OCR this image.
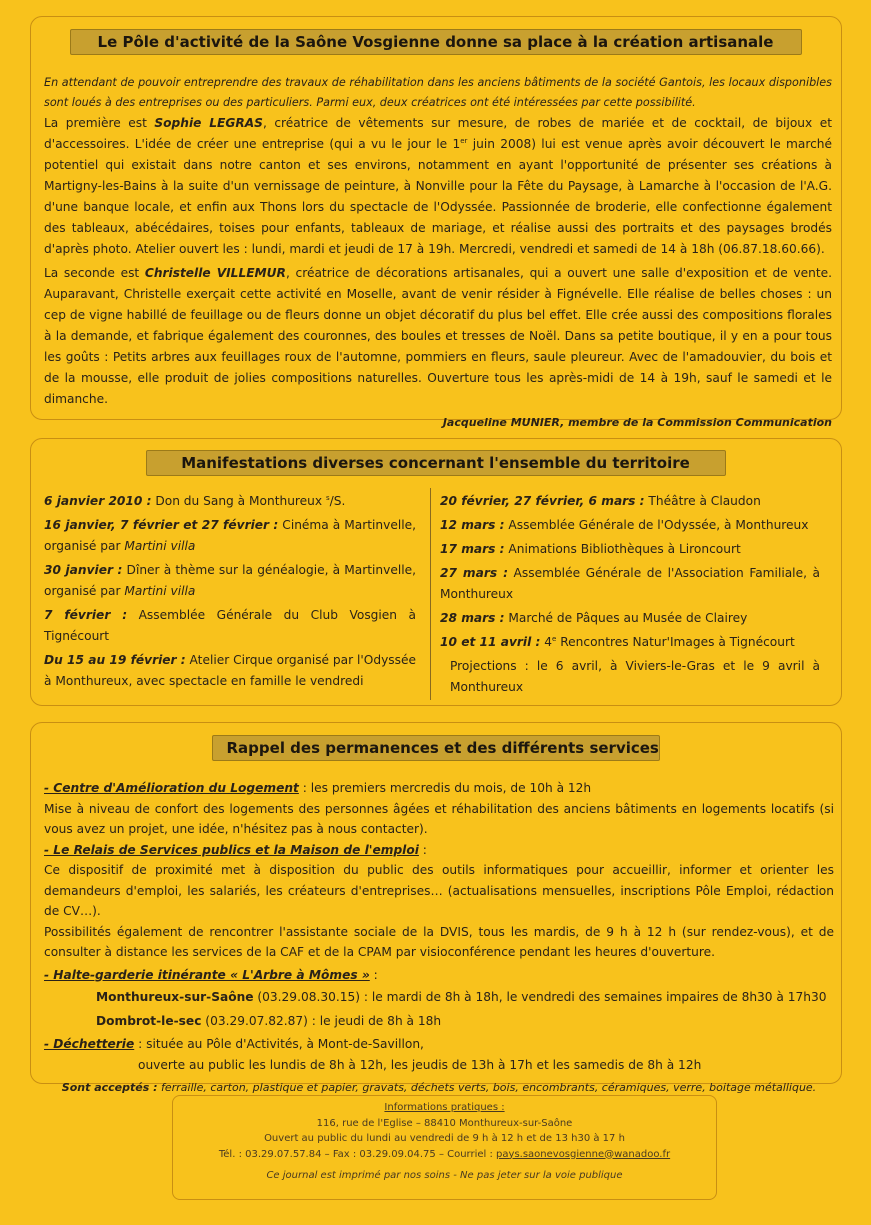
Le Pôle d'activité de la Saône Vosgienne donne sa place à la création artisanale
En attendant de pouvoir entreprendre des travaux de réhabilitation dans les anciens bâtiments de la société Gantois, les locaux disponibles sont loués à des entreprises ou des particuliers. Parmi eux, deux créatrices ont été intéressées par cette possibilité.

La première est Sophie LEGRAS, créatrice de vêtements sur mesure, de robes de mariée et de cocktail, de bijoux et d'accessoires. L'idée de créer une entreprise (qui a vu le jour le 1er juin 2008) lui est venue après avoir découvert le marché potentiel qui existait dans notre canton et ses environs, notamment en ayant l'opportunité de présenter ses créations à Martigny-les-Bains à la suite d'un vernissage de peinture, à Nonville pour la Fête du Paysage, à Lamarche à l'occasion de l'A.G. d'une banque locale, et enfin aux Thons lors du spectacle de l'Odyssée. Passionnée de broderie, elle confectionne également des tableaux, abécédaires, toises pour enfants, tableaux de mariage, et réalise aussi des portraits et des paysages brodés d'après photo. Atelier ouvert les : lundi, mardi et jeudi de 17 à 19h. Mercredi, vendredi et samedi de 14 à 18h (06.87.18.60.66).

La seconde est Christelle VILLEMUR, créatrice de décorations artisanales, qui a ouvert une salle d'exposition et de vente. Auparavant, Christelle exerçait cette activité en Moselle, avant de venir résider à Fignévelle. Elle réalise de belles choses : un cep de vigne habillé de feuillage ou de fleurs donne un objet décoratif du plus bel effet. Elle crée aussi des compositions florales à la demande, et fabrique également des couronnes, des boules et tresses de Noël. Dans sa petite boutique, il y en a pour tous les goûts : Petits arbres aux feuillages roux de l'automne, pommiers en fleurs, saule pleureur. Avec de l'amadouvier, du bois et de la mousse, elle produit de jolies compositions naturelles. Ouverture tous les après-midi de 14 à 19h, sauf le samedi et le dimanche.

Jacqueline MUNIER, membre de la Commission Communication
Manifestations diverses concernant l'ensemble du territoire

6 janvier 2010 : Don du Sang à Monthureux $^s$/S.

16 janvier, 7 février et 27 février : Cinéma à Martinvelle, organisé par Martini villa

30 janvier : Dîner à thème sur la généalogie, à Martinvelle, organisé par Martini villa

7 février : Assemblée Générale du Club Vosgien à Tignécourt

Du 15 au 19 février : Atelier Cirque organisé par l'Odyssée à Monthureux, avec spectacle en famille le vendredi

20 février, 27 février, 6 mars : Théâtre à Claudon

12 mars : Assemblée Générale de l'Odyssée, à Monthureux

17 mars : Animations Bibliothèques à Lironcourt

27 mars : Assemblée Générale de l'Association Familiale, à Monthureux

28 mars : Marché de Pâques au Musée de Clairey

10 et 11 avril : 4e Rencontres Natur'Images à Tignécourt

Projections : le 6 avril, à Viviers-le-Gras et le 9 avril à Monthureux

Rappel des permanences et des différents services

- Centre d'Amélioration du Logement : les premiers mercredis du mois, de 10h à 12h

Mise à niveau de confort des logements des personnes âgées et réhabilitation des anciens bâtiments en logements locatifs (si vous avez un projet, une idée, n'hésitez pas à nous contacter).

- Le Relais de Services publics et la Maison de l'emploi :

Ce dispositif de proximité met à disposition du public des outils informatiques pour accueillir, informer et orienter les demandeurs d'emploi, les salariés, les créateurs d'entreprises… (actualisations mensuelles, inscriptions Pôle Emploi, rédaction de CV…).

Possibilités également de rencontrer l'assistante sociale de la DVIS, tous les mardis, de 9 h à 12 h (sur rendez-vous), et de consulter à distance les services de la CAF et de la CPAM par visioconférence pendant les heures d'ouverture.

- Halte-garderie itinérante « L'Arbre à Mômes » :

Monthureux-sur-Saône (03.29.08.30.15) : le mardi de 8h à 18h, le vendredi des semaines impaires de 8h30 à 17h30

Dombrot-le-sec (03.29.07.82.87) : le jeudi de 8h à 18h

- Déchetterie : située au Pôle d'Activités, à Mont-de-Savillon,

ouverte au public les lundis de 8h à 12h, les jeudis de 13h à 17h et les samedis de 8h à 12h

Sont acceptés : ferraille, carton, plastique et papier, gravats, déchets verts, bois, encombrants, céramiques, verre, boitage métallique.

Informations pratiques :
116, rue de l'Eglise – 88410 Monthureux-sur-Saône
Ouvert au public du lundi au vendredi de 9 h à 12 h et de 13 h30 à 17 h
Tél. : 03.29.07.57.84 – Fax : 03.29.09.04.75 – Courriel : pays.saonevosgienne@wanadoo.fr
Ce journal est imprimé par nos soins - Ne pas jeter sur la voie publique
